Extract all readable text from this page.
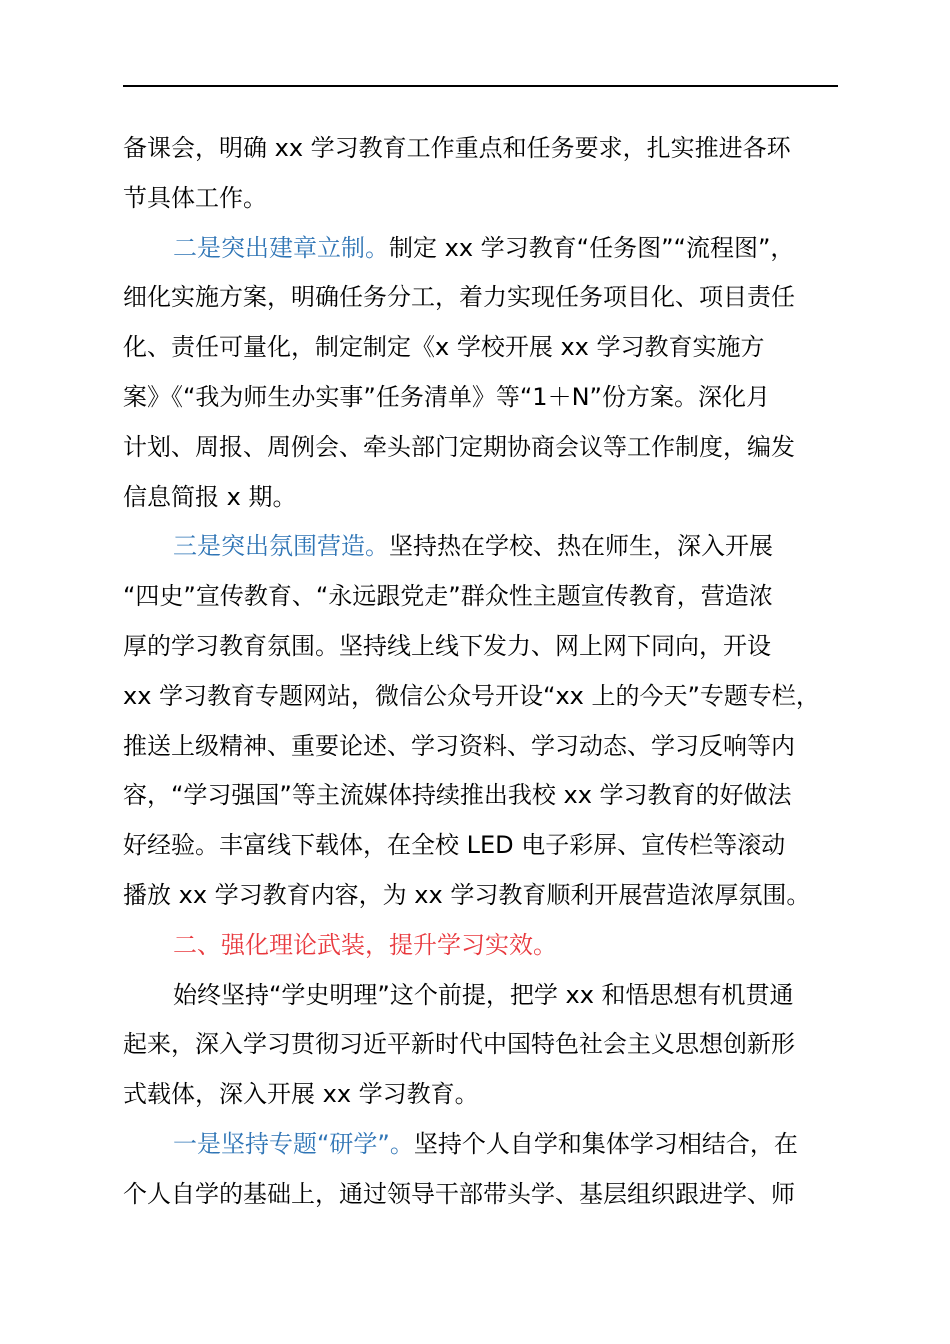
备课会，明确 xx 学习教育工作重点和任务要求，扎实推进各环
节具体工作。
二是突出建章立制。 制定 xx 学习教育“任务图”“流程图”，
细化实施方案，明确任务分工，着力实现任务项目化、项目责任
化、责任可量化，制定制定《x 学校开展 xx 学习教育实施方
案》《“我为师生办实事”任务清单》等“1＋N”份方案。深化月
计划、周报、周例会、牵头部门定期协商会议等工作制度，编发
信息简报 x 期。
三是突出氛围营造。 坚持热在学校、热在师生，深入开展
“四史”宣传教育、“永远跟党走”群众性主题宣传教育，营造浓
厚的学习教育氛围。坚持线上线下发力、网上网下同向，开设
xx 学习教育专题网站，微信公众号开设“xx 上的今天”专题专栏，
推送上级精神、重要论述、学习资料、学习动态、学习反响等内
容，“学习强国”等主流媒体持续推出我校 xx 学习教育的好做法
好经验。丰富线下载体，在全校 LED 电子彩屏、宣传栏等滚动
播放 xx 学习教育内容，为 xx 学习教育顺利开展营造浓厚氛围。
二、强化理论武装，提升学习实效。
始终坚持“学史明理”这个前提，把学 xx 和悟思想有机贯通
起来，深入学习贯彻习近平新时代中国特色社会主义思想创新形
式载体，深入开展 xx 学习教育。
一是坚持专题“研学”。 坚持个人自学和集体学习相结合，在
个人自学的基础上，通过领导干部带头学、基层组织跟进学、师
